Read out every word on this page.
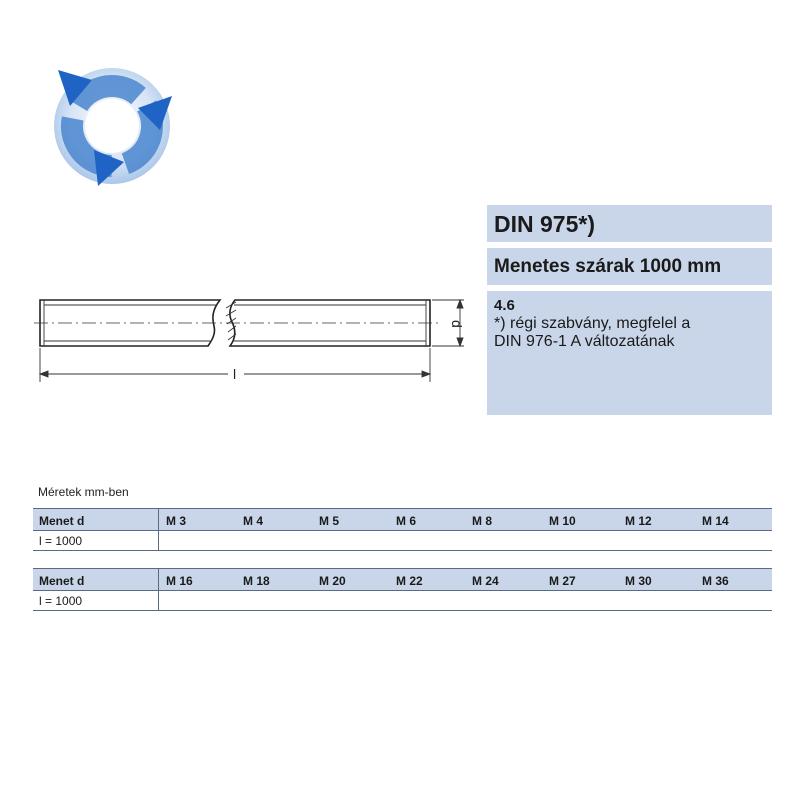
d
l
DIN 975*)
Menetes szárak 1000 mm
4.6
*) régi szabvány, megfelel a
DIN 976-1 A változatának
Méretek mm-ben
Menet d	M 3	M 4	M 5	M 6	M 8	M 10	M 12	M 14
l = 1000
Menet d	M 16	M 18	M 20	M 22	M 24	M 27	M 30	M 36
l = 1000
